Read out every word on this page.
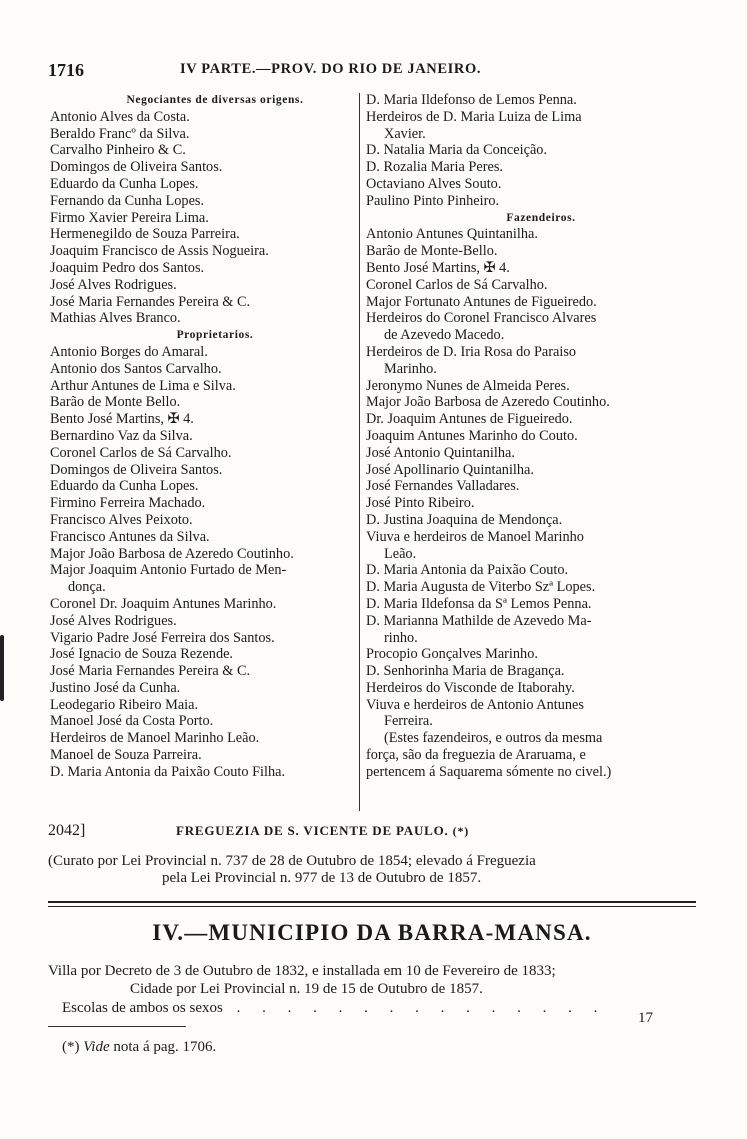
1716	IV PARTE.—PROV. DO RIO DE JANEIRO.
Negociantes de diversas origens.
Antonio Alves da Costa.
Beraldo Francº da Silva.
Carvalho Pinheiro & C.
Domingos de Oliveira Santos.
Eduardo da Cunha Lopes.
Fernando da Cunha Lopes.
Firmo Xavier Pereira Lima.
Hermenegildo de Souza Parreira.
Joaquim Francisco de Assis Nogueira.
Joaquim Pedro dos Santos.
José Alves Rodrigues.
José Maria Fernandes Pereira & C.
Mathias Alves Branco.
Proprietarios.
Antonio Borges do Amaral.
Antonio dos Santos Carvalho.
Arthur Antunes de Lima e Silva.
Barão de Monte Bello.
Bento José Martins, ✠ 4.
Bernardino Vaz da Silva.
Coronel Carlos de Sá Carvalho.
Domingos de Oliveira Santos.
Eduardo da Cunha Lopes.
Firmino Ferreira Machado.
Francisco Alves Peixoto.
Francisco Antunes da Silva.
Major João Barbosa de Azeredo Coutinho.
Major Joaquim Antonio Furtado de Men-
donça.
Coronel Dr. Joaquim Antunes Marinho.
José Alves Rodrigues.
Vigario Padre José Ferreira dos Santos.
José Ignacio de Souza Rezende.
José Maria Fernandes Pereira & C.
Justino José da Cunha.
Leodegario Ribeiro Maia.
Manoel José da Costa Porto.
Herdeiros de Manoel Marinho Leão.
Manoel de Souza Parreira.
D. Maria Antonia da Paixão Couto Filha.
D. Maria Ildefonso de Lemos Penna.
Herdeiros de D. Maria Luiza de Lima
Xavier.
D. Natalia Maria da Conceição.
D. Rozalia Maria Peres.
Octaviano Alves Souto.
Paulino Pinto Pinheiro.
Fazendeiros.
Antonio Antunes Quintanilha.
Barão de Monte-Bello.
Bento José Martins, ✠ 4.
Coronel Carlos de Sá Carvalho.
Major Fortunato Antunes de Figueiredo.
Herdeiros do Coronel Francisco Alvares
de Azevedo Macedo.
Herdeiros de D. Iria Rosa do Paraiso
Marinho.
Jeronymo Nunes de Almeida Peres.
Major João Barbosa de Azeredo Coutinho.
Dr. Joaquim Antunes de Figueiredo.
Joaquim Antunes Marinho do Couto.
José Antonio Quintanilha.
José Apollinario Quintanilha.
José Fernandes Valladares.
José Pinto Ribeiro.
D. Justina Joaquina de Mendonça.
Viuva e herdeiros de Manoel Marinho
Leão.
D. Maria Antonia da Paixão Couto.
D. Maria Augusta de Viterbo Szª Lopes.
D. Maria Ildefonsa da Sª Lemos Penna.
D. Marianna Mathilde de Azevedo Ma-
rinho.
Procopio Gonçalves Marinho.
D. Senhorinha Maria de Bragança.
Herdeiros do Visconde de Itaborahy.
Viuva e herdeiros de Antonio Antunes
Ferreira.
(Estes fazendeiros, e outros da mesma
força, são da freguezia de Araruama, e
pertencem á Saquarema sómente no civel.)
2042]	FREGUEZIA DE S. VICENTE DE PAULO. (*)
(Curato por Lei Provincial n. 737 de 28 de Outubro de 1854; elevado á Freguezia
pela Lei Provincial n. 977 de 13 de Outubro de 1857.
IV.—MUNICIPIO DA BARRA-MANSA.
Villa por Decreto de 3 de Outubro de 1832, e installada em 10 de Fevereiro de 1833;
Cidade por Lei Provincial n. 19 de 15 de Outubro de 1857.
Escolas de ambos os sexos . . . . . . . . . . . . . . .
17
(*) Vide nota á pag. 1706.
